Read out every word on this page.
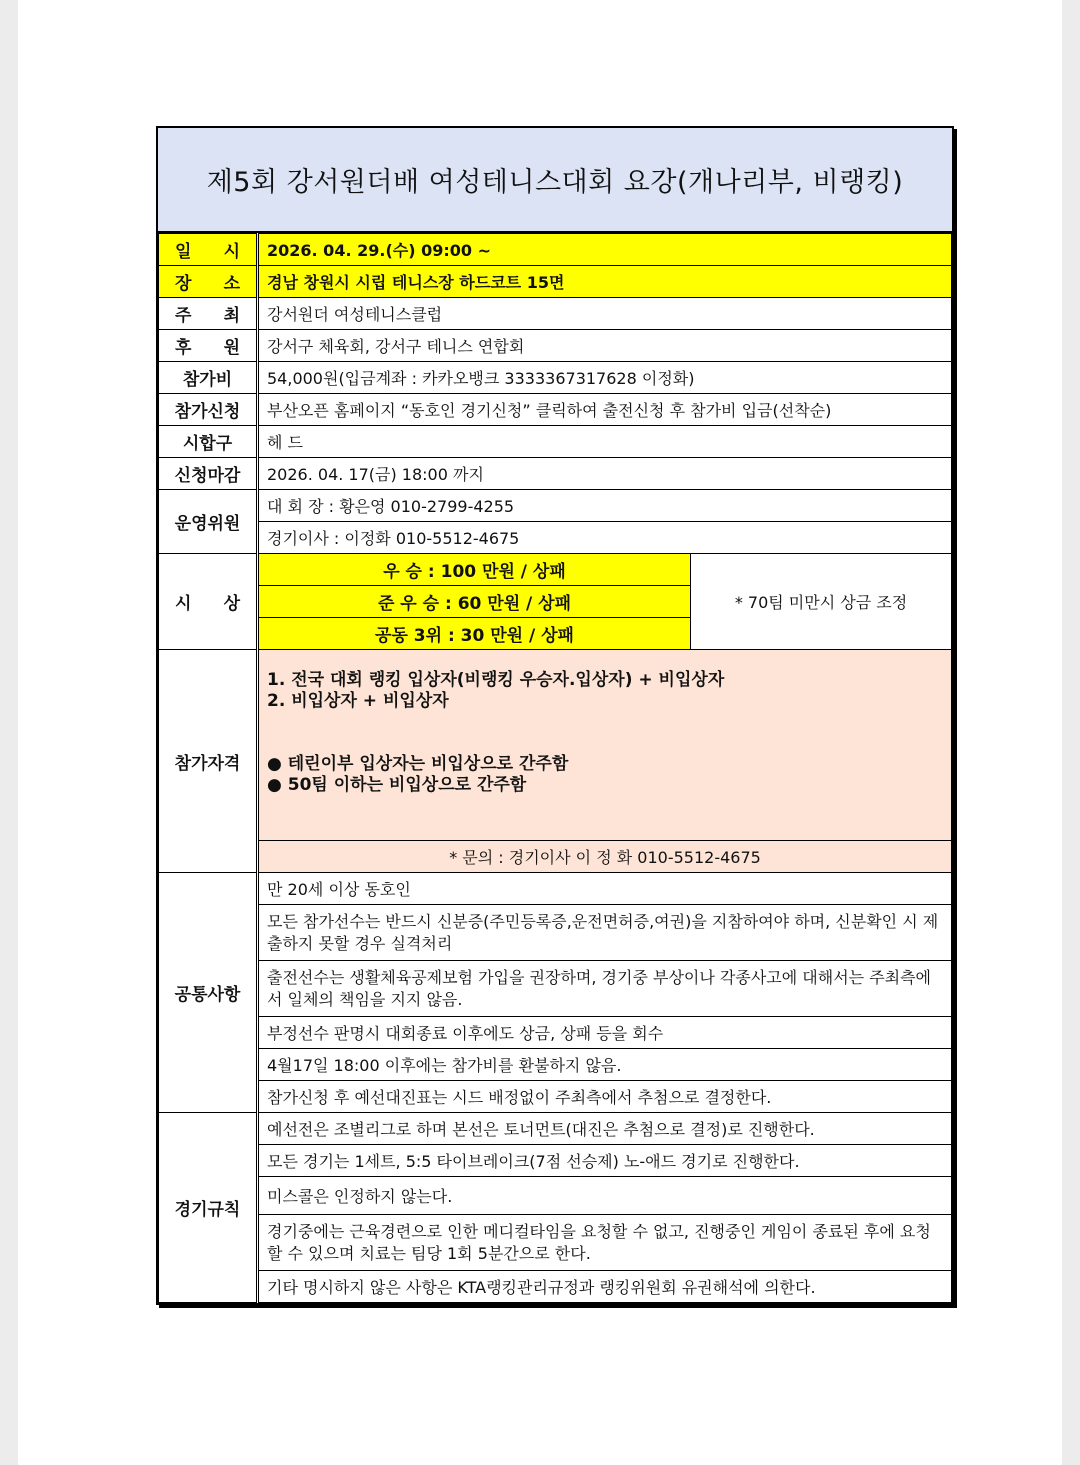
제5회 강서원더배 여성테니스대회 요강(개나리부, 비랭킹)
일 시	2026. 04. 29.(수) 09:00 ~	
장 소	경남 창원시 시립 테니스장 하드코트 15면	
주 최	강서원더 여성테니스클럽	
후 원	강서구 체육회, 강서구 테니스 연합회	
참가비	54,000원(입금계좌 : 카카오뱅크 3333367317628 이정화)	
참가신청	부산오픈 홈페이지 “동호인 경기신청” 클릭하여 출전신청 후 참가비 입금(선착순)	
시합구	헤 드	
신청마감	2026. 04. 17(금) 18:00 까지	
운영위원	대 회 장 : 황은영 010-2799-4255	
	경기이사 : 이정화 010-5512-4675	
시 상	우 승 : 100 만원 / 상패	* 70팀 미만시 상금 조정
	준 우 승 : 60 만원 / 상패	
	공동 3위 : 30 만원 / 상패	
참가자격	1. 전국 대회 랭킹 입상자(비랭킹 우승자.입상자) + 비입상자
2. 비입상자 + 비입상자
● 테린이부 입상자는 비입상으로 간주함
● 50팀 이하는 비입상으로 간주함	

	* 문의 : 경기이사 이 정 화 010-5512-4675	
공통사항	만 20세 이상 동호인	
	모든 참가선수는 반드시 신분증(주민등록증,운전면허증,여권)을 지참하여야 하며, 신분확인 시 제출하지 못할 경우 실격처리	
	출전선수는 생활체육공제보험 가입을 권장하며, 경기중 부상이나 각종사고에 대해서는 주최측에서 일체의 책임을 지지 않음.	
	부정선수 판명시 대회종료 이후에도 상금, 상패 등을 회수	
	4월17일 18:00 이후에는 참가비를 환불하지 않음.	
	참가신청 후 예선대진표는 시드 배정없이 주최측에서 추첨으로 결정한다.	
경기규칙	예선전은 조별리그로 하며 본선은 토너먼트(대진은 추첨으로 결정)로 진행한다.	
	모든 경기는 1세트, 5:5 타이브레이크(7점 선승제) 노-애드 경기로 진행한다.	
	미스콜은 인정하지 않는다.	
	경기중에는 근육경련으로 인한 메디컬타임을 요청할 수 없고, 진행중인 게임이 종료된 후에 요청할 수 있으며 치료는 팀당 1회 5분간으로 한다.	
	기타 명시하지 않은 사항은 KTA랭킹관리규정과 랭킹위원회 유권해석에 의한다.	
